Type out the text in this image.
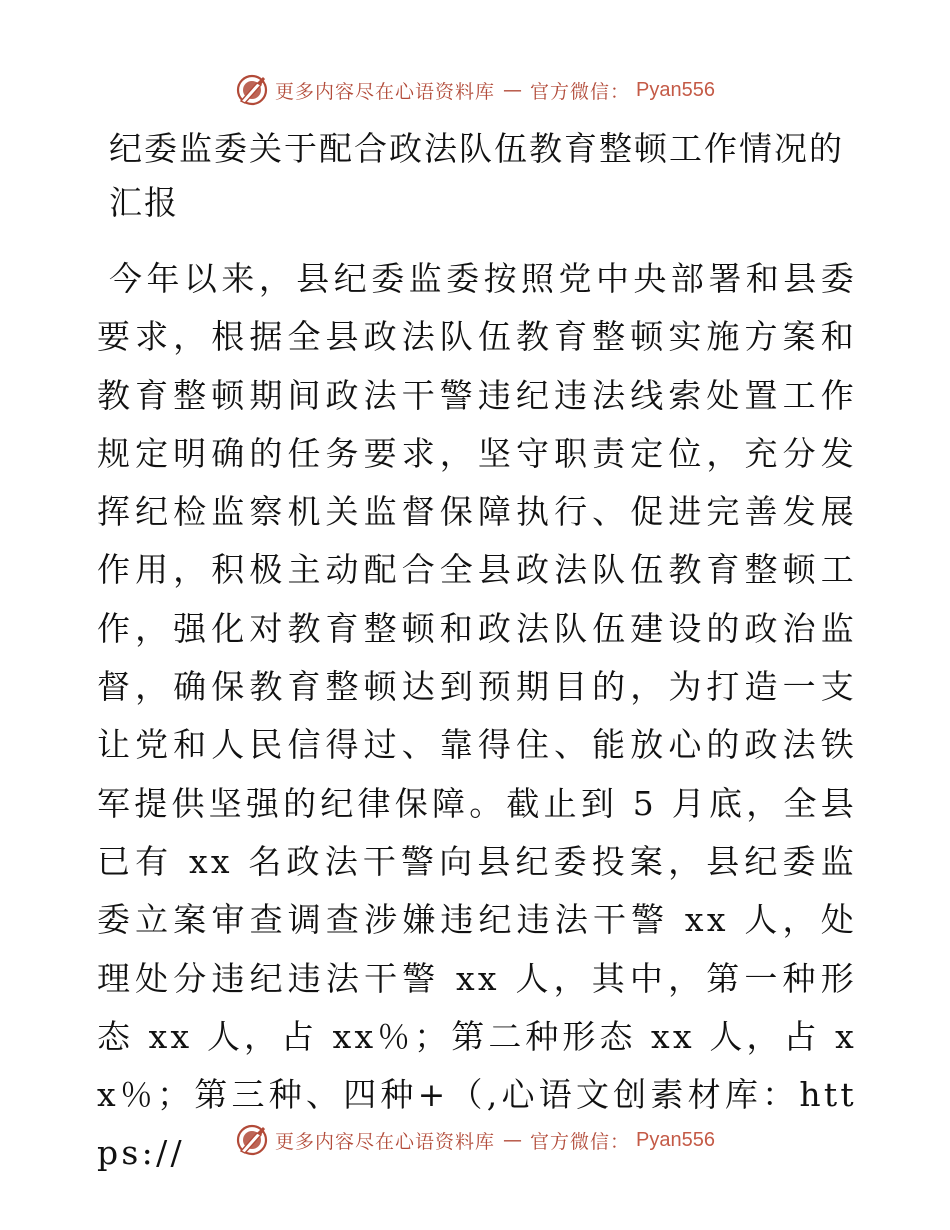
更多内容尽在心语资料库 — 官方微信： Pyan556
纪委监委关于配合政法队伍教育整顿工作情况的汇报

今年以来，县纪委监委按照党中央部署和县委要求，根据全县政法队伍教育整顿实施方案和教育整顿期间政法干警违纪违法线索处置工作规定明确的任务要求，坚守职责定位，充分发挥纪检监察机关监督保障执行、促进完善发展作用，积极主动配合全县政法队伍教育整顿工作，强化对教育整顿和政法队伍建设的政治监督，确保教育整顿达到预期目的，为打造一支让党和人民信得过、靠得住、能放心的政法铁军提供坚强的纪律保障。截止到 5 月底，全县已有 xx 名政法干警向县纪委投案，县纪委监委立案审查调查涉嫌违纪违法干警 xx 人，处理处分违纪违法干警 xx 人，其中，第一种形态 xx 人，占 xx％；第二种形态 xx 人，占 xx％；第三种、四种+（,心语文创素材库：https://	更多内容尽在心语资料库 — 官方微信： Pyan556
